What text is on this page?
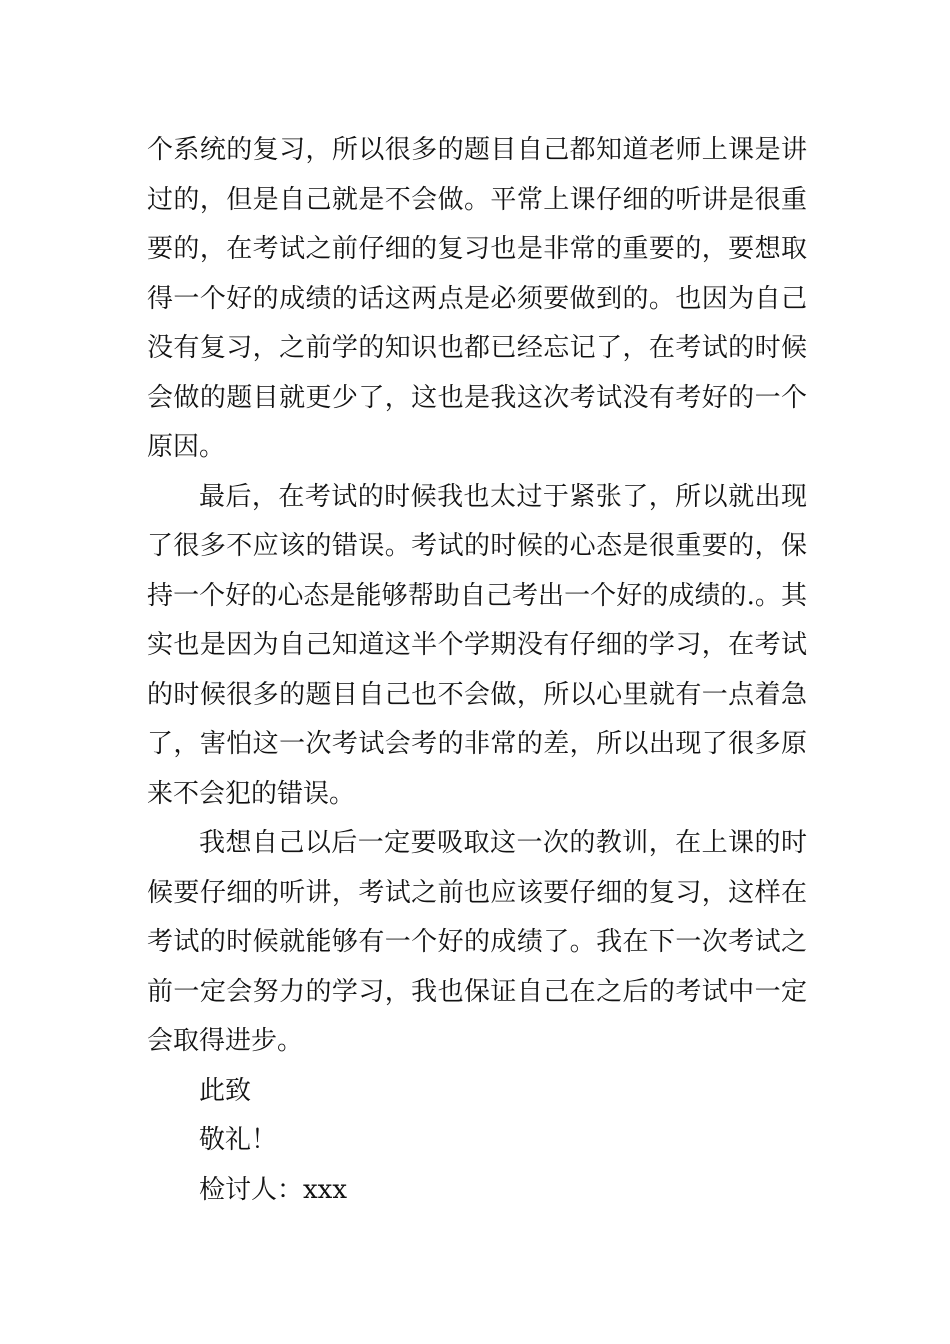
个系统的复习，所以很多的题目自己都知道老师上课是讲过的，但是自己就是不会做。平常上课仔细的听讲是很重要的，在考试之前仔细的复习也是非常的重要的，要想取得一个好的成绩的话这两点是必须要做到的。也因为自己没有复习，之前学的知识也都已经忘记了，在考试的时候会做的题目就更少了，这也是我这次考试没有考好的一个原因。

最后，在考试的时候我也太过于紧张了，所以就出现了很多不应该的错误。考试的时候的心态是很重要的，保持一个好的心态是能够帮助自己考出一个好的成绩的.。其实也是因为自己知道这半个学期没有仔细的学习，在考试的时候很多的题目自己也不会做，所以心里就有一点着急了，害怕这一次考试会考的非常的差，所以出现了很多原来不会犯的错误。

我想自己以后一定要吸取这一次的教训，在上课的时候要仔细的听讲，考试之前也应该要仔细的复习，这样在考试的时候就能够有一个好的成绩了。我在下一次考试之前一定会努力的学习，我也保证自己在之后的考试中一定会取得进步。

此致

敬礼！

检讨人：xxx
